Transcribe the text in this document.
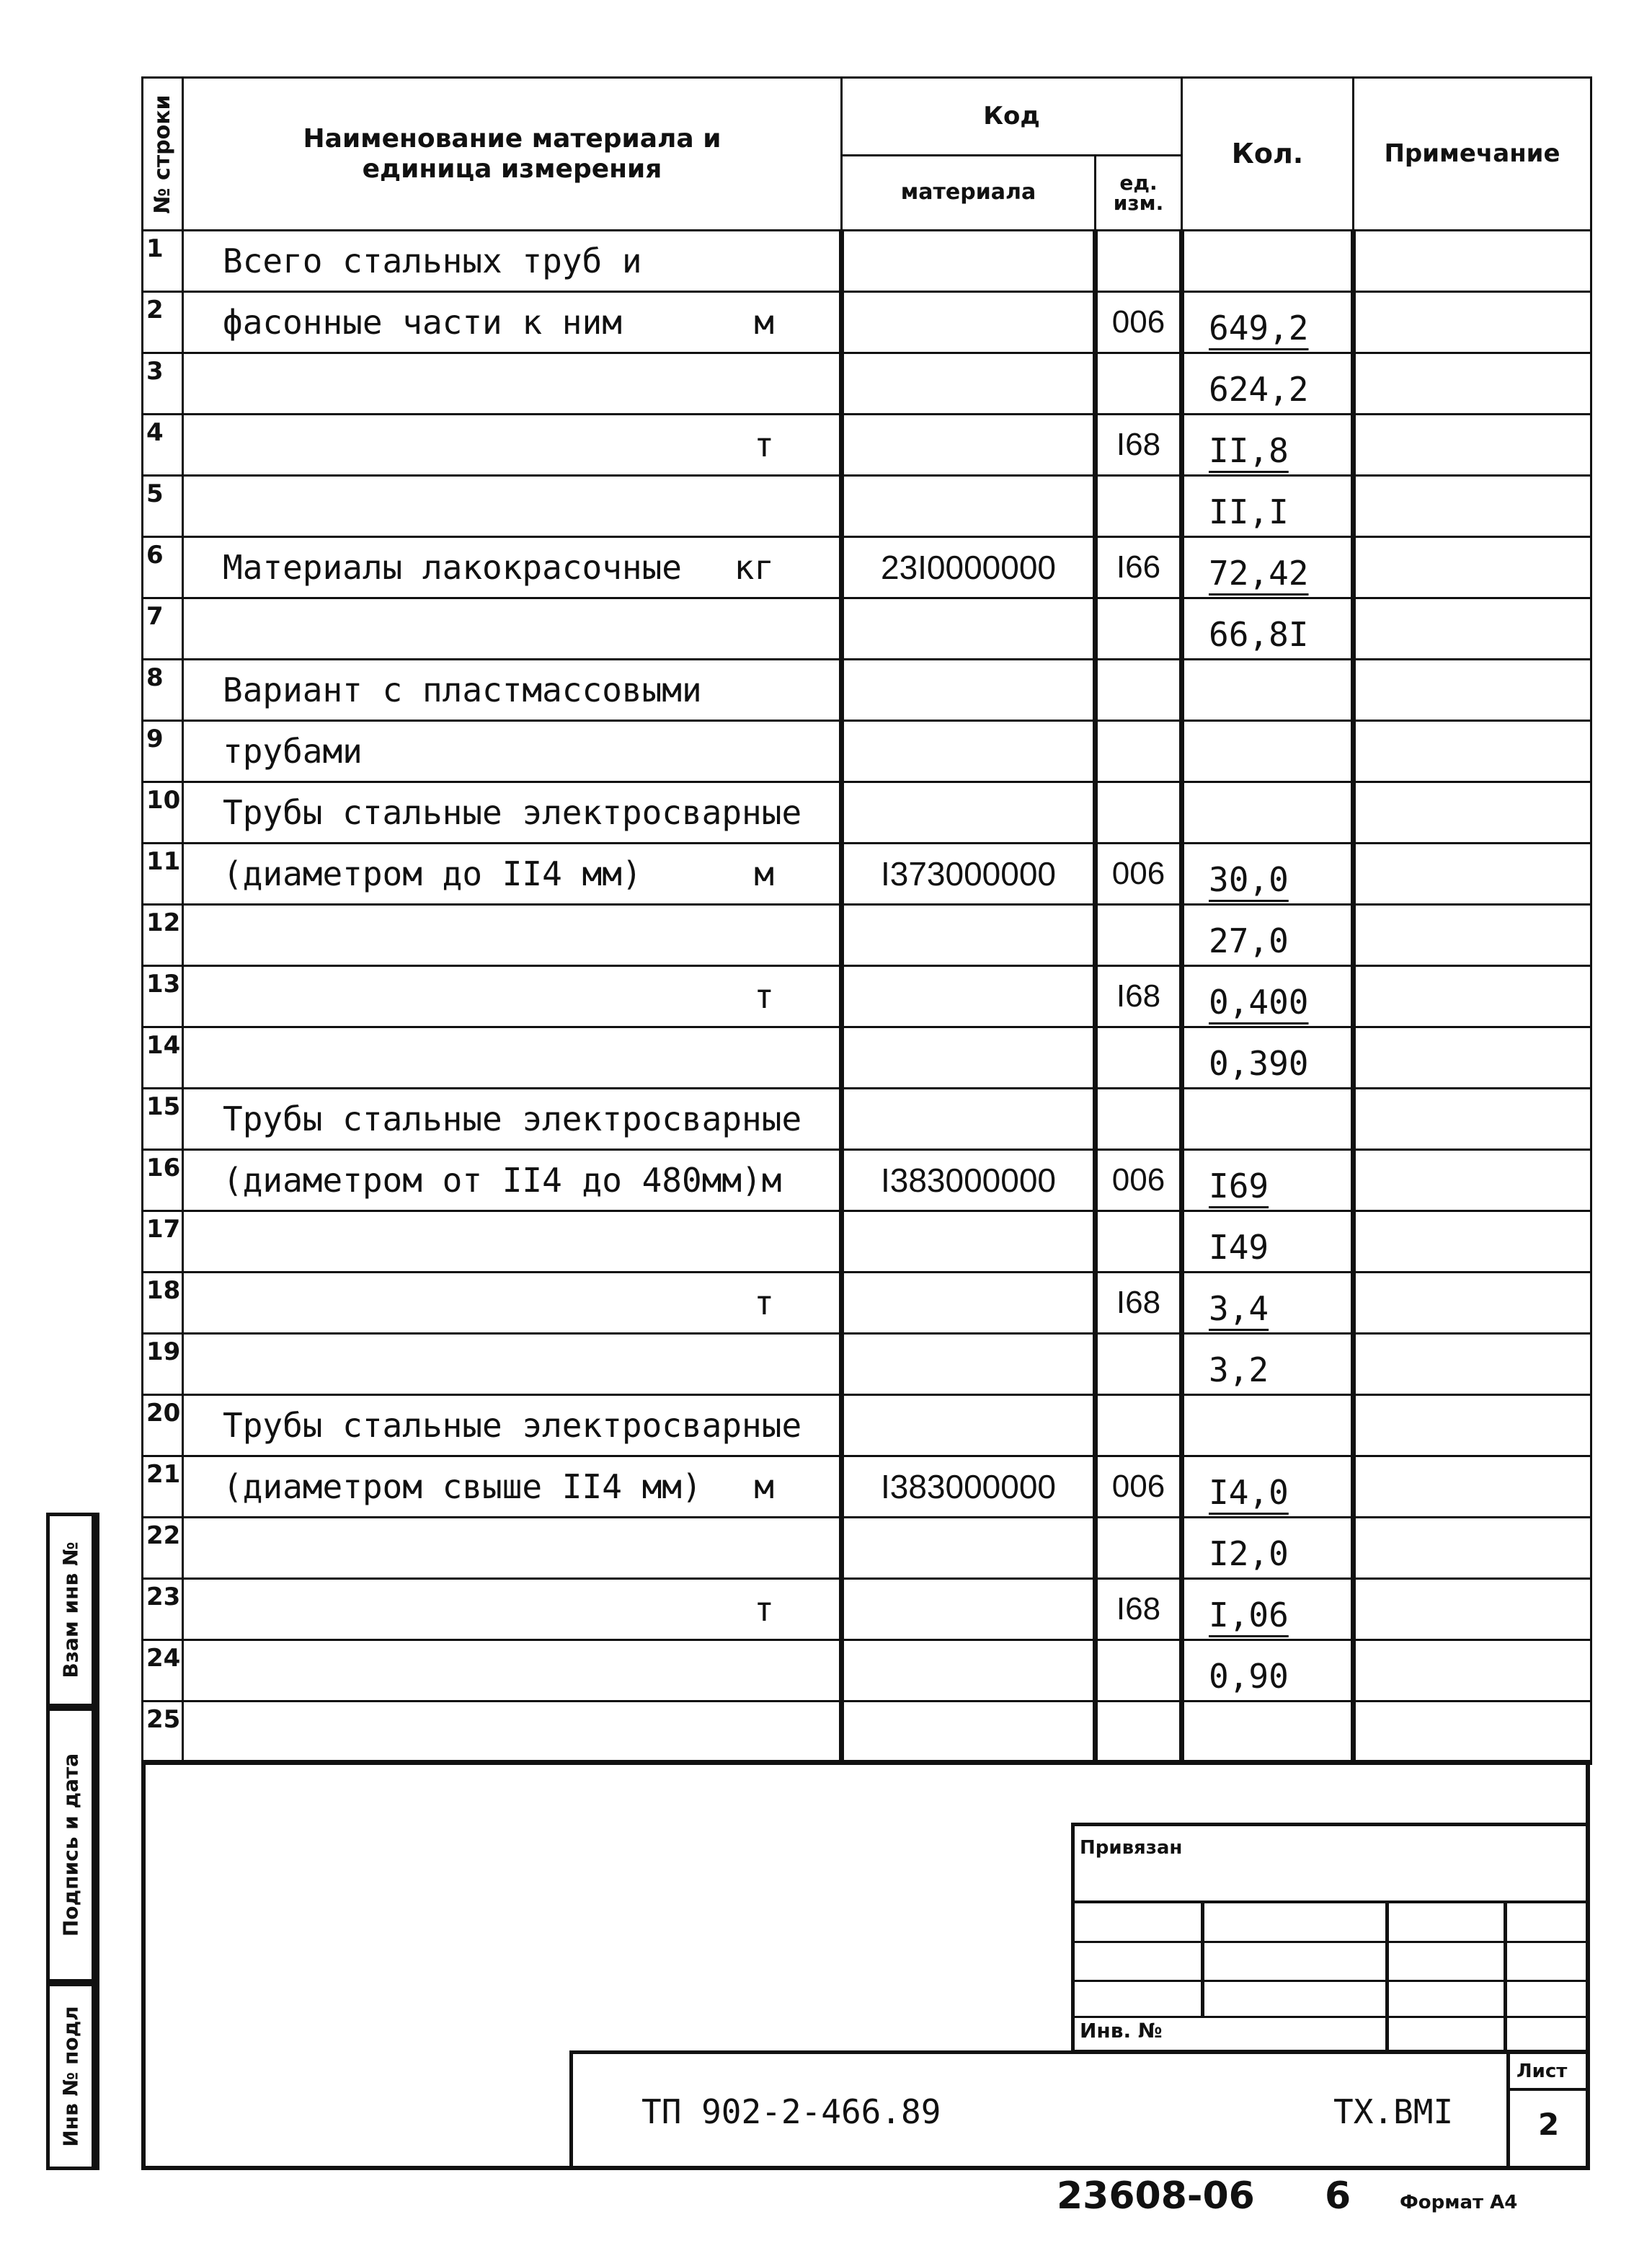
№ строки	Наименование материала и единица измерения	Код		Кол.	Примечание
		материала	ед. изм.		
1	Всего стальных труб и				

2	фасонные части к ним м		006	649,2	
3				624,2	
4	т		I68	II,8	
5				II,I	
6	Материалы лакокрасочные кг	23I0000000	I66	72,42	
7				66,8I	
8	Вариант с пластмассовыми				

9	трубами				

10	Трубы стальные электросварные				

11	(диаметром до II4 мм) м	I373000000	006	30,0	
12				27,0	
13	т		I68	0,400	
14				0,390	
15	Трубы стальные электросварные				

16	(диаметром от II4 до 480мм)м	I383000000	006	I69	
17				I49	
18	т		I68	3,4	
19				3,2	
20	Трубы стальные электросварные				

21	(диаметром свыше II4 мм) м	I383000000	006	I4,0	
22				I2,0	
23	т		I68	I,06	
24				0,90	
25	

Взам инв №
Подпись и дата
Инв № подл
Привязан
Инв. №
ТП 902-2-466.89	ТХ.ВМI
Лист
2
23608-06 6	Формат А4
